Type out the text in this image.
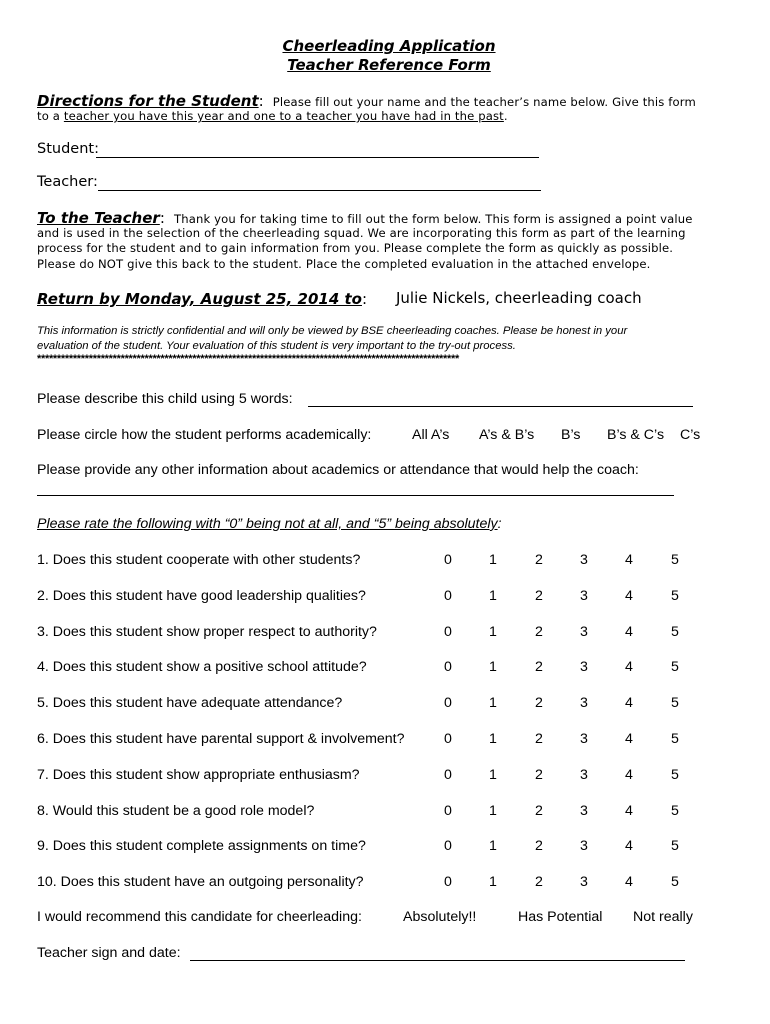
Cheerleading Application
Teacher Reference Form
Directions for the Student: Please fill out your name and the teacher’s name below. Give this form
to a teacher you have this year and one to a teacher you have had in the past.
Student:
Teacher:
To the Teacher: Thank you for taking time to fill out the form below. This form is assigned a point value
and is used in the selection of the cheerleading squad. We are incorporating this form as part of the learning
process for the student and to gain information from you. Please complete the form as quickly as possible.
Please do NOT give this back to the student. Place the completed evaluation in the attached envelope.
Return by Monday, August 25, 2014 to: Julie Nickels, cheerleading coach
This information is strictly confidential and will only be viewed by BSE cheerleading coaches. Please be honest in your
evaluation of the student. Your evaluation of this student is very important to the try-out process.
**********************************************************************************************************
Please describe this child using 5 words:
Please circle how the student performs academically:	All A’s A’s & B’s B’s B’s & C’s C’s
Please provide any other information about academics or attendance that would help the coach:
Please rate the following with “0” being not at all, and “5” being absolutely:
1. Does this student cooperate with other students?	0	1	2	3	4	5
2. Does this student have good leadership qualities?	0	1	2	3	4	5
3. Does this student show proper respect to authority?	0	1	2	3	4	5
4. Does this student show a positive school attitude?	0	1	2	3	4	5
5. Does this student have adequate attendance?	0	1	2	3	4	5
6. Does this student have parental support & involvement?	0	1	2	3	4	5
7. Does this student show appropriate enthusiasm?	0	1	2	3	4	5
8. Would this student be a good role model?	0	1	2	3	4	5
9. Does this student complete assignments on time?	0	1	2	3	4	5
10. Does this student have an outgoing personality?	0	1	2	3	4	5
I would recommend this candidate for cheerleading:	Absolutely!!	Has Potential Not really
Teacher sign and date:
